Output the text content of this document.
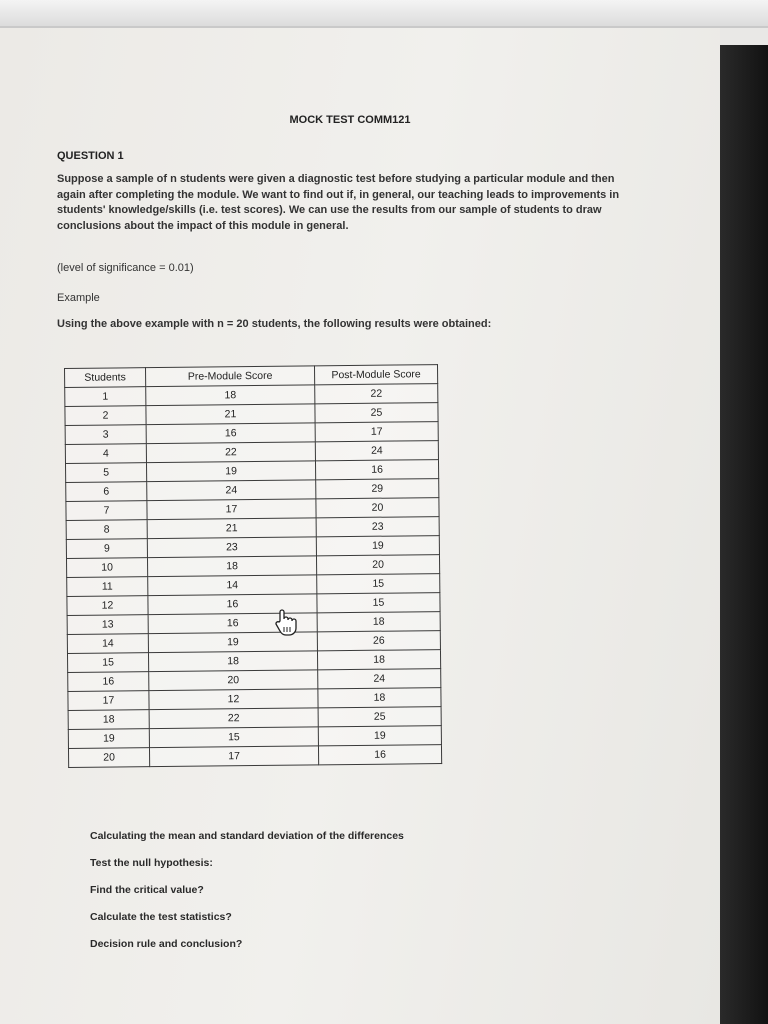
MOCK TEST COMM121
QUESTION 1
Suppose a sample of n students were given a diagnostic test before studying a particular module and then again after completing the module. We want to find out if, in general, our teaching leads to improvements in students' knowledge/skills (i.e. test scores). We can use the results from our sample of students to draw conclusions about the impact of this module in general.
(level of significance = 0.01)
Example
Using the above example with n = 20 students, the following results were obtained:
Students	Pre-Module Score	Post-Module Score
1	18	22
2	21	25
3	16	17
4	22	24
5	19	16
6	24	29
7	17	20
8	21	23
9	23	19
10	18	20
11	14	15
12	16	15
13	16	18
14	19	26
15	18	18
16	20	24
17	12	18
18	22	25
19	15	19
20	17	16
Calculating the mean and standard deviation of the differences
Test the null hypothesis:
Find the critical value?
Calculate the test statistics?
Decision rule and conclusion?
